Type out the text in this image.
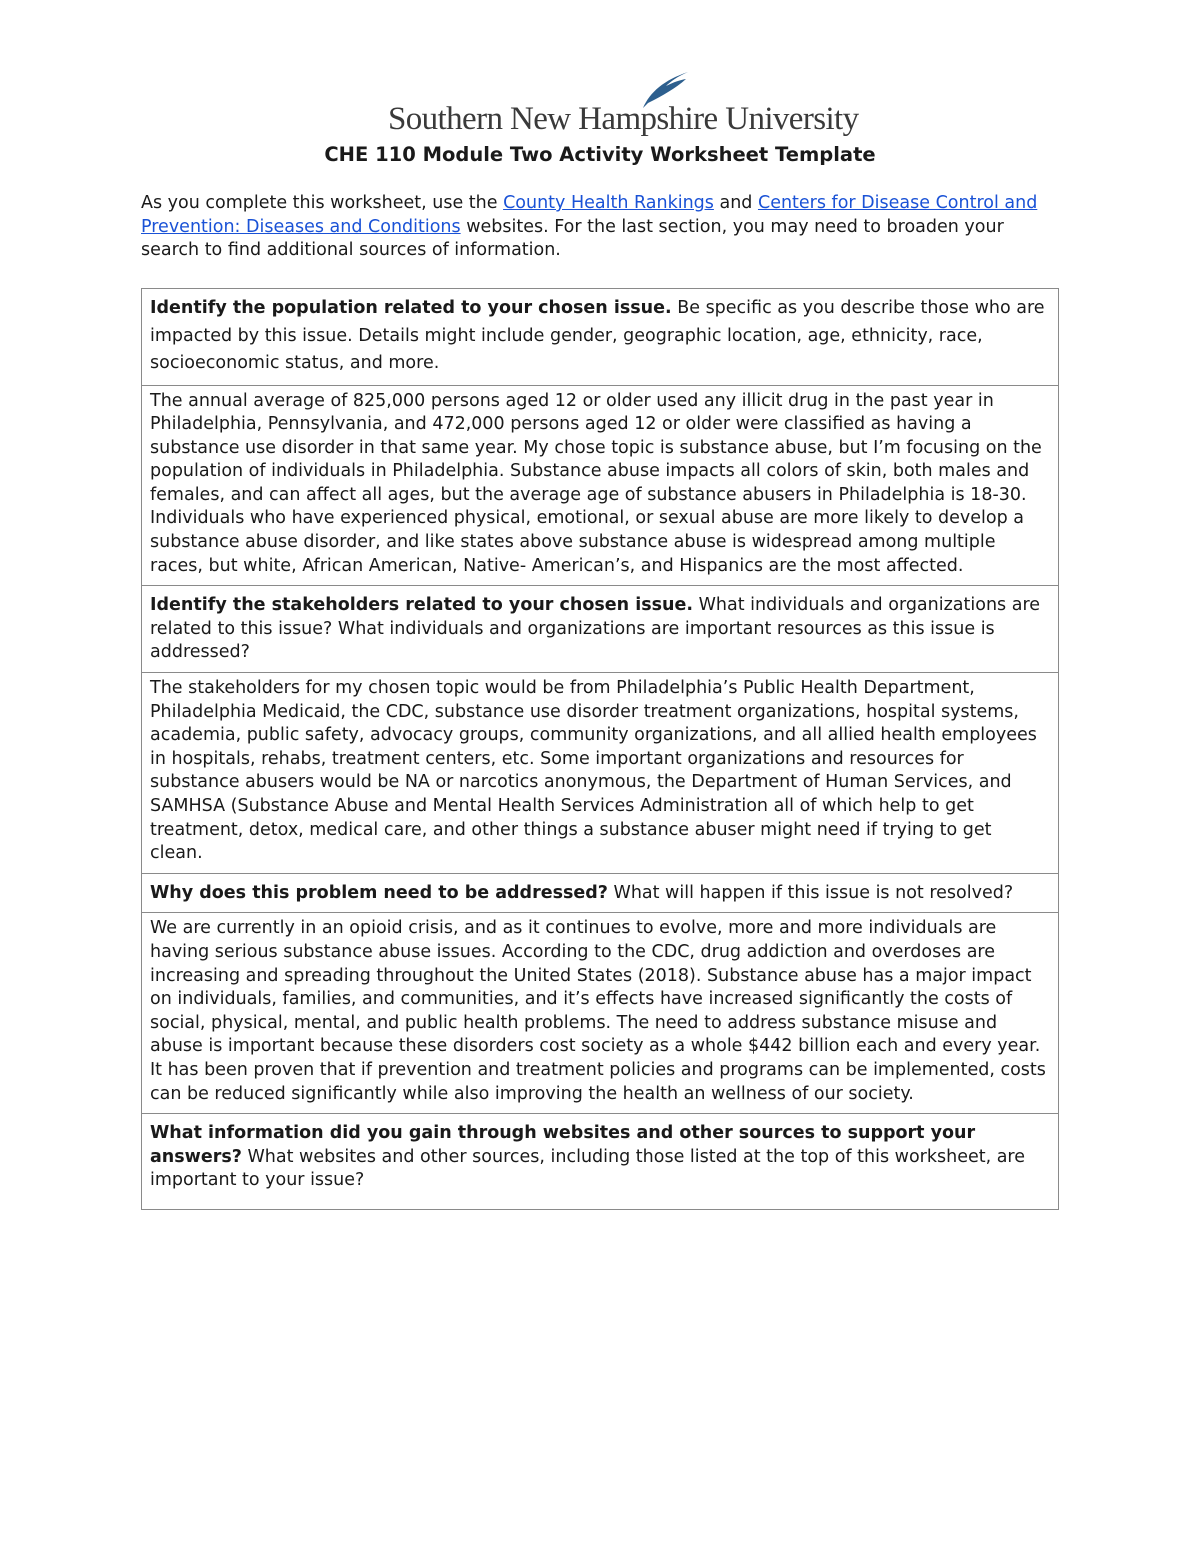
Southern New Hampshire University
CHE 110 Module Two Activity Worksheet Template

As you complete this worksheet, use the County Health Rankings and Centers for Disease Control and Prevention: Diseases and Conditions websites. For the last section, you may need to broaden your search to find additional sources of information.

Identify the population related to your chosen issue. Be specific as you describe those who are impacted by this issue. Details might include gender, geographic location, age, ethnicity, race, socioeconomic status, and more.
The annual average of 825,000 persons aged 12 or older used any illicit drug in the past year in Philadelphia, Pennsylvania, and 472,000 persons aged 12 or older were classified as having a substance use disorder in that same year. My chose topic is substance abuse, but I’m focusing on the population of individuals in Philadelphia. Substance abuse impacts all colors of skin, both males and females, and can affect all ages, but the average age of substance abusers in Philadelphia is 18-30. Individuals who have experienced physical, emotional, or sexual abuse are more likely to develop a substance abuse disorder, and like states above substance abuse is widespread among multiple races, but white, African American, Native- American’s, and Hispanics are the most affected.
Identify the stakeholders related to your chosen issue. What individuals and organizations are related to this issue? What individuals and organizations are important resources as this issue is addressed?
The stakeholders for my chosen topic would be from Philadelphia’s Public Health Department, Philadelphia Medicaid, the CDC, substance use disorder treatment organizations, hospital systems, academia, public safety, advocacy groups, community organizations, and all allied health employees in hospitals, rehabs, treatment centers, etc. Some important organizations and resources for substance abusers would be NA or narcotics anonymous, the Department of Human Services, and SAMHSA (Substance Abuse and Mental Health Services Administration all of which help to get treatment, detox, medical care, and other things a substance abuser might need if trying to get clean.
Why does this problem need to be addressed? What will happen if this issue is not resolved?
We are currently in an opioid crisis, and as it continues to evolve, more and more individuals are having serious substance abuse issues. According to the CDC, drug addiction and overdoses are increasing and spreading throughout the United States (2018). Substance abuse has a major impact on individuals, families, and communities, and it’s effects have increased significantly the costs of social, physical, mental, and public health problems. The need to address substance misuse and abuse is important because these disorders cost society as a whole $442 billion each and every year. It has been proven that if prevention and treatment policies and programs can be implemented, costs can be reduced significantly while also improving the health an wellness of our society.
What information did you gain through websites and other sources to support your answers? What websites and other sources, including those listed at the top of this worksheet, are important to your issue?
